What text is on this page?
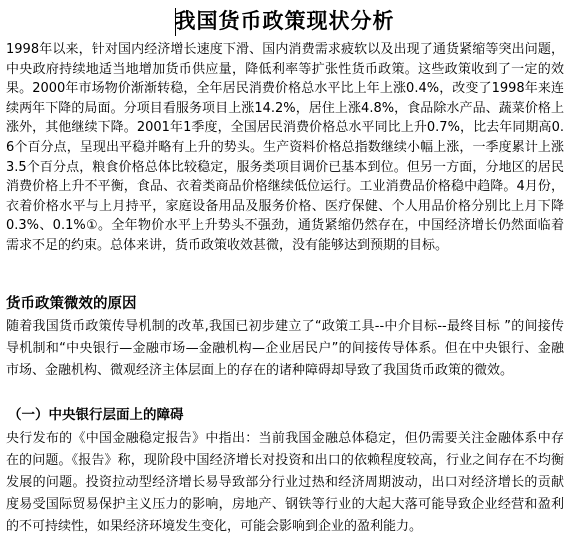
我国货币政策现状分析

1998年以来，针对国内经济增长速度下滑、国内消费需求疲软以及出现了通货紧缩等突出问题，中央政府持续地适当地增加货币供应量，降低利率等扩张性货币政策。这些政策收到了一定的效果。2000年市场物价渐渐转稳，全年居民消费价格总水平比上年上涨0.4%，改变了1998年来连续两年下降的局面。分项目看服务项目上涨14.2%，居住上涨4.8%，食品除水产品、蔬菜价格上涨外，其他继续下降。2001年1季度，全国居民消费价格总水平同比上升0.7%，比去年同期高0.6个百分点，呈现出平稳并略有上升的势头。生产资料价格总指数继续小幅上涨，一季度累计上涨3.5个百分点，粮食价格总体比较稳定，服务类项目调价已基本到位。但另一方面，分地区的居民消费价格上升不平衡，食品、衣着类商品价格继续低位运行。工业消费品价格稳中趋降。4月份，衣着价格水平与上月持平，家庭设备用品及服务价格、医疗保健、个人用品价格分别比上月下降0.3%、0.1%①。全年物价水平上升势头不强劲，通货紧缩仍然存在，中国经济增长仍然面临着需求不足的约束。总体来讲，货币政策收效甚微，没有能够达到预期的目标。

货币政策微效的原因

随着我国货币政策传导机制的改革,我国已初步建立了“政策工具--中介目标--最终目标 ”的间接传导机制和“中央银行—金融市场—金融机构—企业居民户”的间接传导体系。但在中央银行、金融市场、金融机构、微观经济主体层面上的存在的诸种障碍却导致了我国货币政策的微效。

（一）中央银行层面上的障碍

央行发布的《中国金融稳定报告》中指出：当前我国金融总体稳定，但仍需要关注金融体系中存在的问题。《报告》称，现阶段中国经济增长对投资和出口的依赖程度较高，行业之间存在不均衡发展的问题。投资拉动型经济增长易导致部分行业过热和经济周期波动，出口对经济增长的贡献度易受国际贸易保护主义压力的影响，房地产、钢铁等行业的大起大落可能导致企业经营和盈利的不可持续性，如果经济环境发生变化，可能会影响到企业的盈利能力。
